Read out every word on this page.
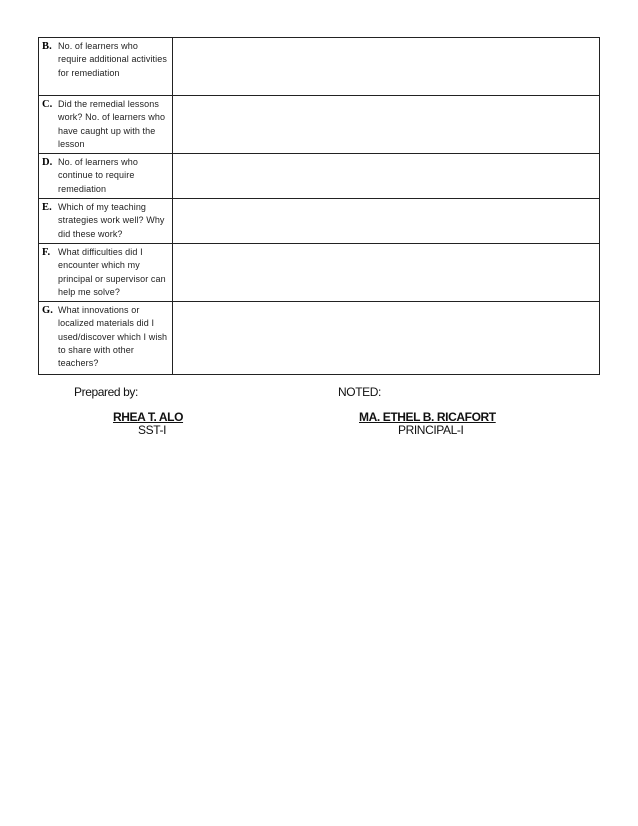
B. No. of learners who require additional activities for remediation	

C. Did the remedial lessons work? No. of learners who have caught up with the lesson	

D. No. of learners who continue to require remediation	

E. Which of my teaching strategies work well? Why did these work?	

F. What difficulties did I encounter which my principal or supervisor can help me solve?	

G. What innovations or localized materials did I used/discover which I wish to share with other teachers?	

Prepared by:	NOTED:
RHEA T. ALO
SST-I
MA. ETHEL B. RICAFORT
PRINCIPAL-I
